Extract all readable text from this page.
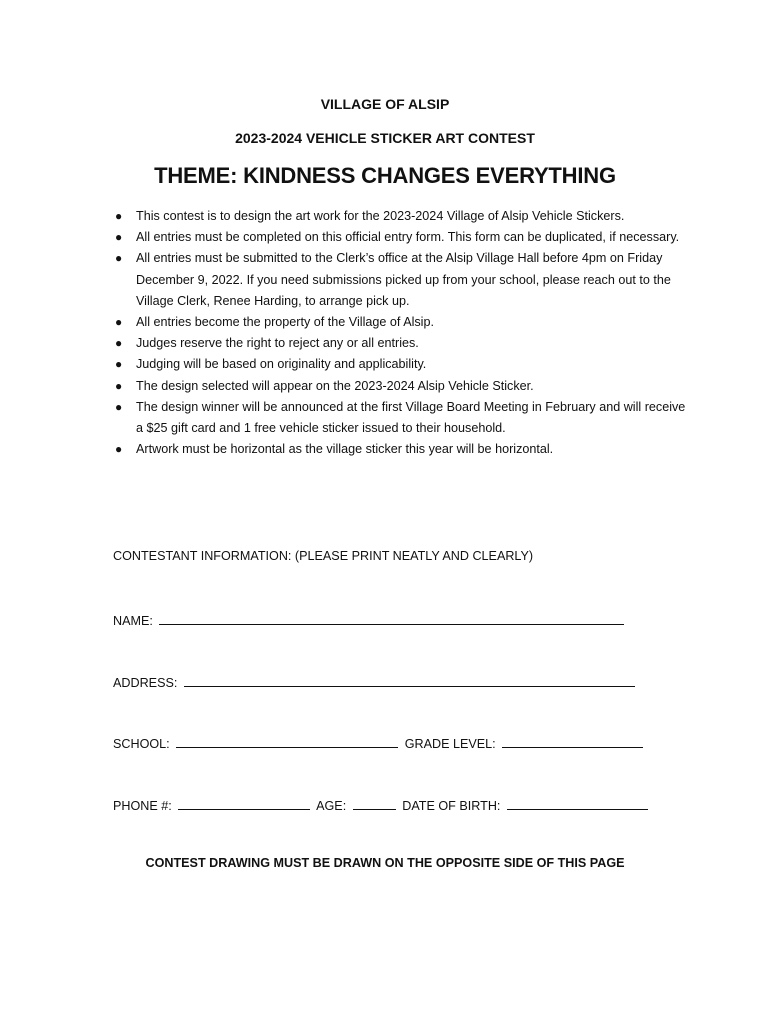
VILLAGE OF ALSIP
2023-2024 VEHICLE STICKER ART CONTEST
THEME: KINDNESS CHANGES EVERYTHING
● This contest is to design the art work for the 2023-2024 Village of Alsip Vehicle Stickers.
● All entries must be completed on this official entry form. This form can be duplicated, if necessary.
● All entries must be submitted to the Clerk’s office at the Alsip Village Hall before 4pm on Friday December 9, 2022. If you need submissions picked up from your school, please reach out to the Village Clerk, Renee Harding, to arrange pick up.
● All entries become the property of the Village of Alsip.
● Judges reserve the right to reject any or all entries.
● Judging will be based on originality and applicability.
● The design selected will appear on the 2023-2024 Alsip Vehicle Sticker.
● The design winner will be announced at the first Village Board Meeting in February and will receive a $25 gift card and 1 free vehicle sticker issued to their household.
● Artwork must be horizontal as the village sticker this year will be horizontal.
CONTESTANT INFORMATION: (PLEASE PRINT NEATLY AND CLEARLY)
NAME:
ADDRESS:
SCHOOL:	GRADE LEVEL:
PHONE #:	AGE:	DATE OF BIRTH:
CONTEST DRAWING MUST BE DRAWN ON THE OPPOSITE SIDE OF THIS PAGE
